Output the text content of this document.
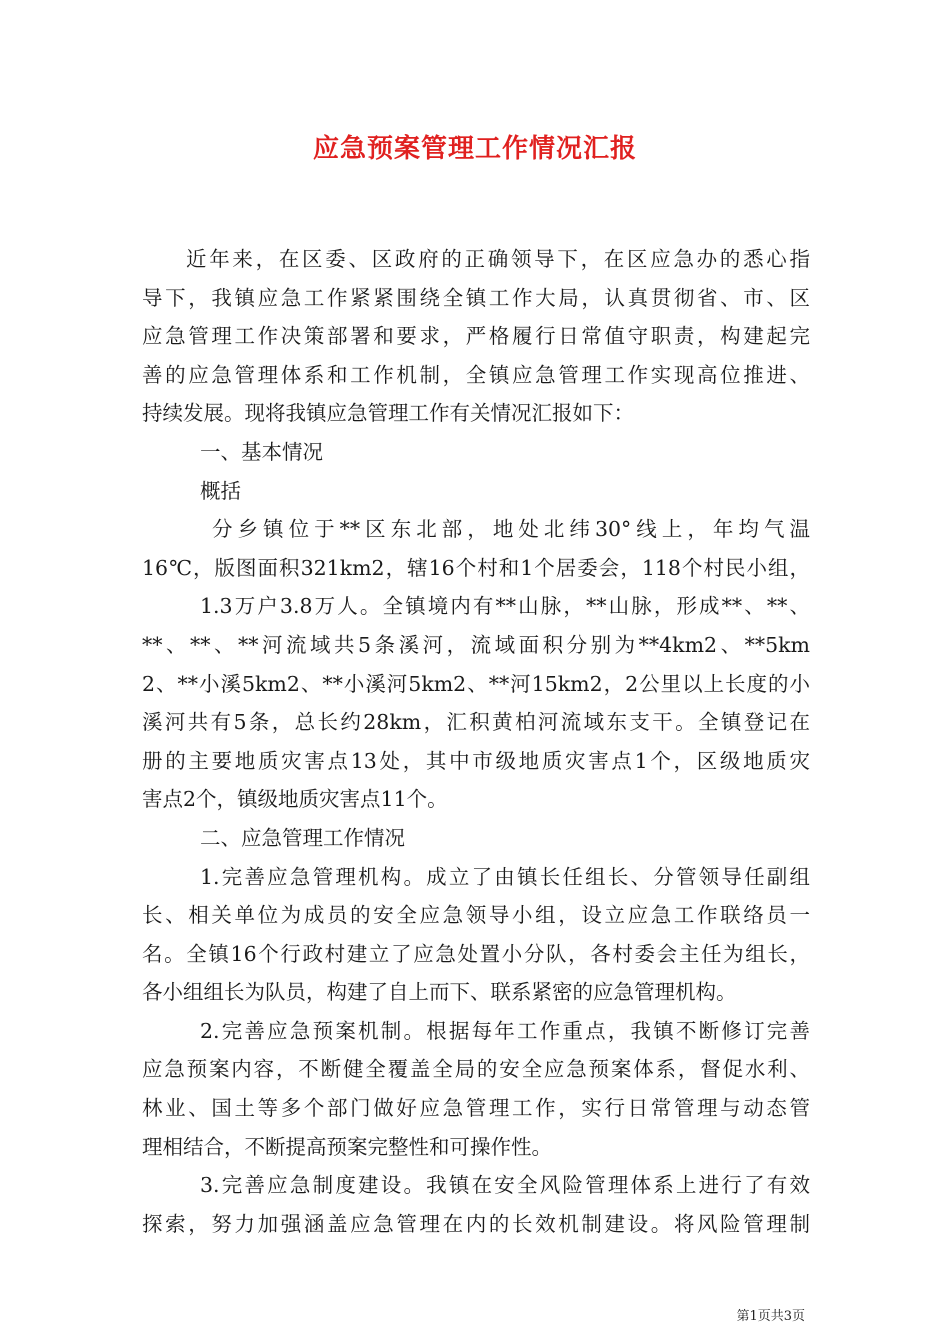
应急预案管理工作情况汇报
近年来，在区委、区政府的正确领导下，在区应急办的悉心指
导下，我镇应急工作紧紧围绕全镇工作大局，认真贯彻省、市、区
应急管理工作决策部署和要求，严格履行日常值守职责，构建起完
善的应急管理体系和工作机制，全镇应急管理工作实现高位推进、
持续发展。现将我镇应急管理工作有关情况汇报如下：
一、基本情况
概括
分乡镇位于**区东北部，地处北纬30°线上，年均气温
16℃，版图面积321km2，辖16个村和1个居委会，118个村民小组，
1.3万户3.8万人。全镇境内有**山脉，**山脉，形成**、**、
**、**、**河流域共5条溪河，流域面积分别为**4km2、**5km
2、**小溪5km2、**小溪河5km2、**河15km2，2公里以上长度的小
溪河共有5条，总长约28km，汇积黄柏河流域东支干。全镇登记在
册的主要地质灾害点13处，其中市级地质灾害点1个，区级地质灾
害点2个，镇级地质灾害点11个。
二、应急管理工作情况
1.完善应急管理机构。成立了由镇长任组长、分管领导任副组
长、相关单位为成员的安全应急领导小组，设立应急工作联络员一
名。全镇16个行政村建立了应急处置小分队，各村委会主任为组长，
各小组组长为队员，构建了自上而下、联系紧密的应急管理机构。
2.完善应急预案机制。根据每年工作重点，我镇不断修订完善
应急预案内容，不断健全覆盖全局的安全应急预案体系，督促水利、
林业、国土等多个部门做好应急管理工作，实行日常管理与动态管
理相结合，不断提高预案完整性和可操作性。
3.完善应急制度建设。我镇在安全风险管理体系上进行了有效
探索，努力加强涵盖应急管理在内的长效机制建设。将风险管理制
第1页共3页
